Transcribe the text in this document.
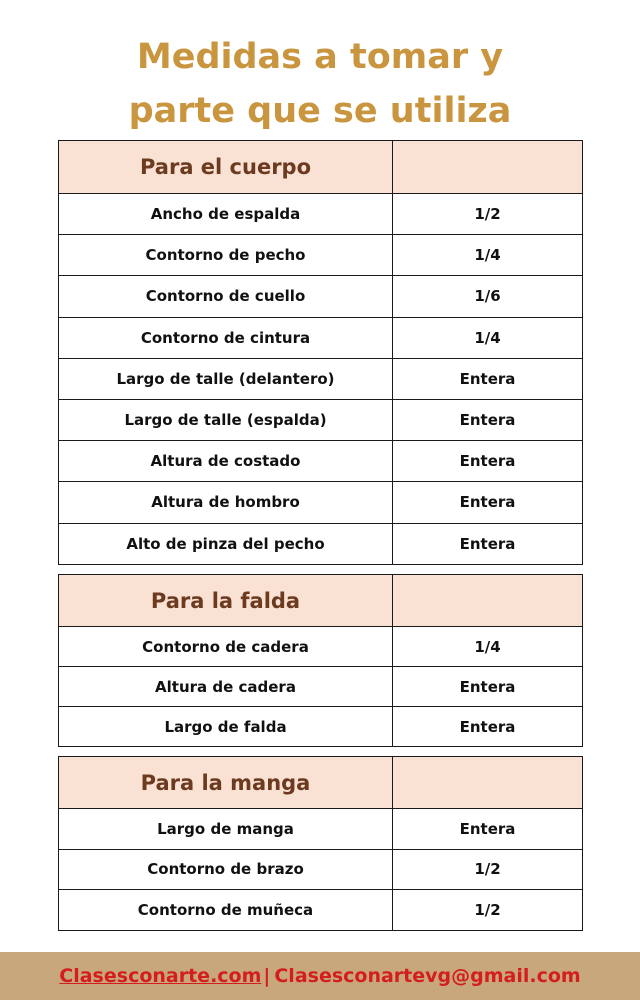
Medidas a tomar y
parte que se utiliza
Para el cuerpo	
Ancho de espalda	1/2
Contorno de pecho	1/4
Contorno de cuello	1/6
Contorno de cintura	1/4
Largo de talle (delantero)	Entera
Largo de talle (espalda)	Entera
Altura de costado	Entera
Altura de hombro	Entera
Alto de pinza del pecho	Entera
Para la falda	
Contorno de cadera	1/4
Altura de cadera	Entera
Largo de falda	Entera
Para la manga	
Largo de manga	Entera
Contorno de brazo	1/2
Contorno de muñeca	1/2
Clasesconarte.com | Clasesconartevg@gmail.com
